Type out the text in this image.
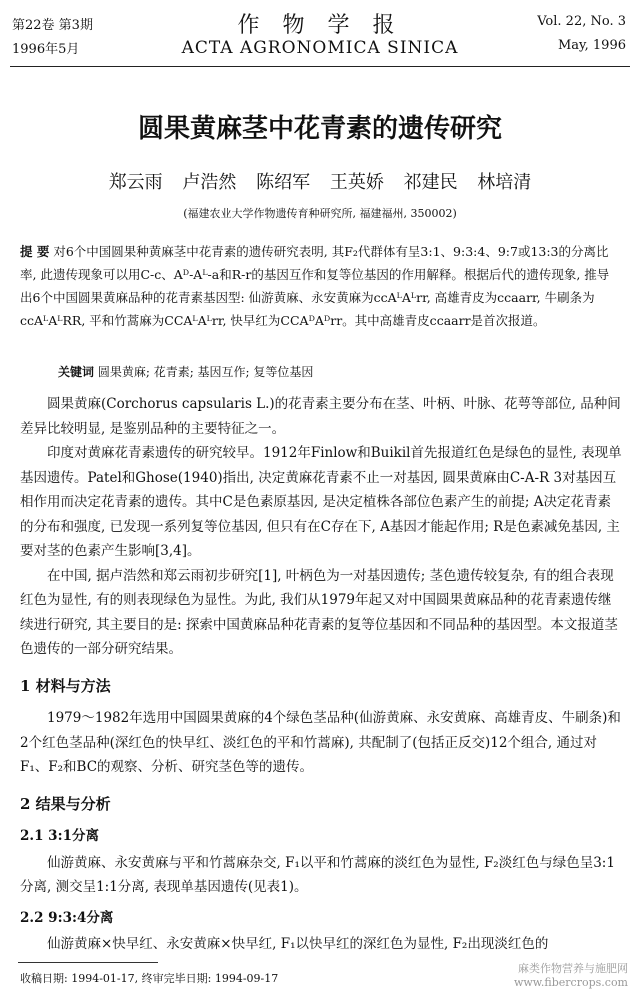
第22卷 第3期
1996年5月
作 物 学 报
ACTA AGRONOMICA SINICA
Vol. 22, No. 3
May, 1996
圆果黄麻茎中花青素的遗传研究
郑云雨 卢浩然 陈绍军 王英娇 祁建民 林培清
(福建农业大学作物遗传育种研究所, 福建福州, 350002)
提 要 对6个中国圆果种黄麻茎中花青素的遗传研究表明, 其F₂代群体有呈3:1、9:3:4、9:7或13:3的分离比率, 此遗传现象可以用C-c、Aᴰ-Aᴸ-a和R-r的基因互作和复等位基因的作用解释。根据后代的遗传现象, 推导出6个中国圆果黄麻品种的花青素基因型: 仙游黄麻、永安黄麻为ccAᴸAᴸrr, 高雄青皮为ccaarr, 牛刷条为ccAᴸAᴸRR, 平和竹蒿麻为CCAᴸAᴸrr, 快早红为CCAᴰAᴰrr。其中高雄青皮ccaarr是首次报道。
关键词 圆果黄麻; 花青素; 基因互作; 复等位基因

圆果黄麻(Corchorus capsularis L.)的花青素主要分布在茎、叶柄、叶脉、花萼等部位, 品种间差异比较明显, 是鉴别品种的主要特征之一。

印度对黄麻花青素遗传的研究较早。1912年Finlow和Buikil首先报道红色是绿色的显性, 表现单基因遗传。Patel和Ghose(1940)指出, 决定黄麻花青素不止一对基因, 圆果黄麻由C-A-R 3对基因互相作用而决定花青素的遗传。其中C是色素原基因, 是决定植株各部位色素产生的前提; A决定花青素的分布和强度, 已发现一系列复等位基因, 但只有在C存在下, A基因才能起作用; R是色素减免基因, 主要对茎的色素产生影响[3,4]。

在中国, 据卢浩然和郑云雨初步研究[1], 叶柄色为一对基因遗传; 茎色遗传较复杂, 有的组合表现红色为显性, 有的则表现绿色为显性。为此, 我们从1979年起又对中国圆果黄麻品种的花青素遗传继续进行研究, 其主要目的是: 探索中国黄麻品种花青素的复等位基因和不同品种的基因型。本文报道茎色遗传的一部分研究结果。

1 材料与方法

1979～1982年选用中国圆果黄麻的4个绿色茎品种(仙游黄麻、永安黄麻、高雄青皮、牛刷条)和2个红色茎品种(深红色的快早红、淡红色的平和竹蒿麻), 共配制了(包括正反交)12个组合, 通过对F₁、F₂和BC的观察、分析、研究茎色等的遗传。

2 结果与分析
2.1 3:1分离

仙游黄麻、永安黄麻与平和竹蒿麻杂交, F₁以平和竹蒿麻的淡红色为显性, F₂淡红色与绿色呈3:1分离, 测交呈1:1分离, 表现单基因遗传(见表1)。

2.2 9:3:4分离

仙游黄麻×快早红、永安黄麻×快早红, F₁以快早红的深红色为显性, F₂出现淡红色的

收稿日期: 1994-01-17, 终审完毕日期: 1994-09-17
麻类作物营养与施肥网
www.fibercrops.com
